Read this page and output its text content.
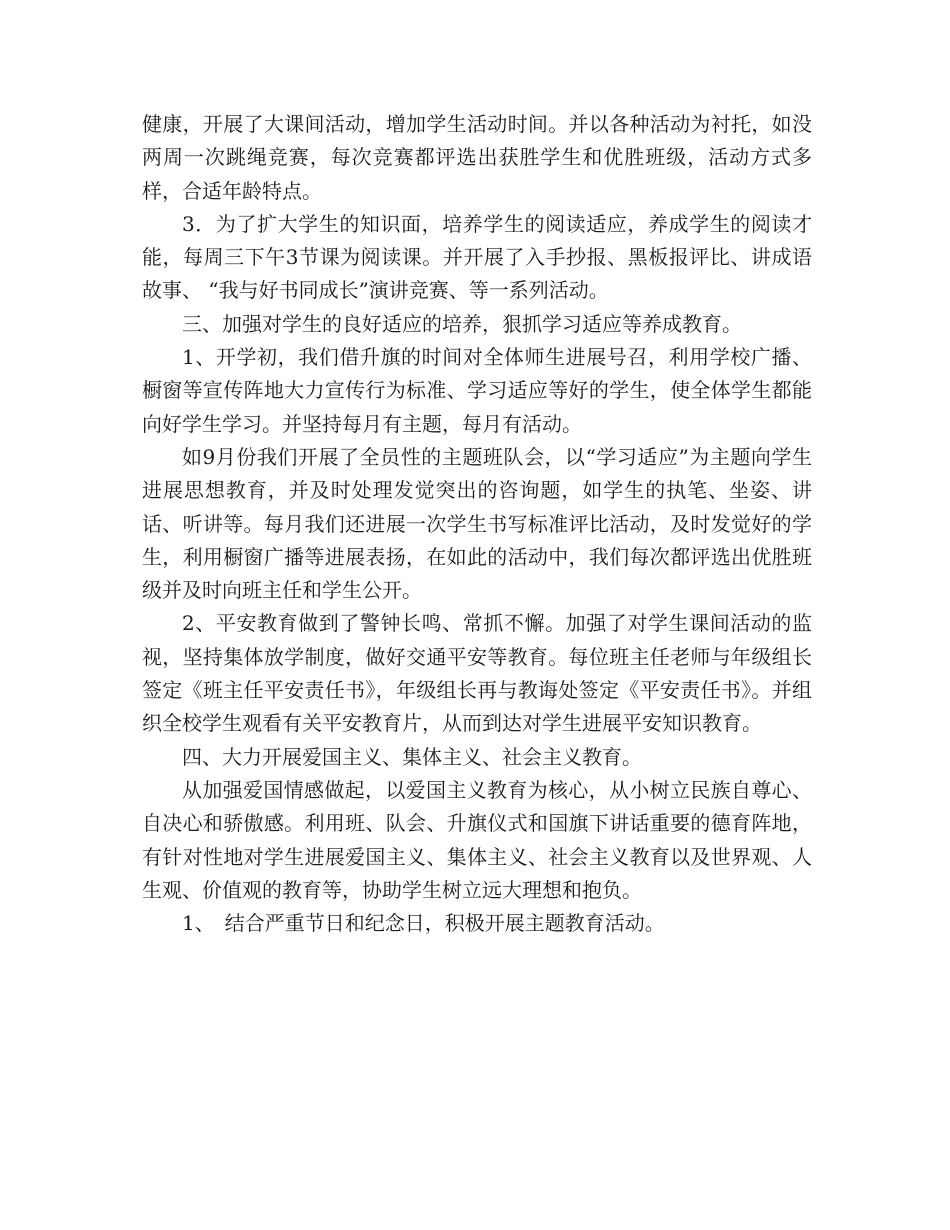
健康，开展了大课间活动，增加学生活动时间。并以各种活动为衬托，如没两周一次跳绳竞赛，每次竞赛都评选出获胜学生和优胜班级，活动方式多样，合适年龄特点。

3．为了扩大学生的知识面，培养学生的阅读适应，养成学生的阅读才能，每周三下午3节课为阅读课。并开展了入手抄报、黑板报评比、讲成语故事、 “我与好书同成长”演讲竞赛、等一系列活动。

三、加强对学生的良好适应的培养，狠抓学习适应等养成教育。

1、开学初，我们借升旗的时间对全体师生进展号召，利用学校广播、橱窗等宣传阵地大力宣传行为标准、学习适应等好的学生，使全体学生都能向好学生学习。并坚持每月有主题，每月有活动。

如9月份我们开展了全员性的主题班队会，以“学习适应”为主题向学生进展思想教育，并及时处理发觉突出的咨询题，如学生的执笔、坐姿、讲话、听讲等。每月我们还进展一次学生书写标准评比活动，及时发觉好的学生，利用橱窗广播等进展表扬，在如此的活动中，我们每次都评选出优胜班级并及时向班主任和学生公开。

2、平安教育做到了警钟长鸣、常抓不懈。加强了对学生课间活动的监视，坚持集体放学制度，做好交通平安等教育。每位班主任老师与年级组长签定《班主任平安责任书》，年级组长再与教诲处签定《平安责任书》。并组织全校学生观看有关平安教育片，从而到达对学生进展平安知识教育。

四、大力开展爱国主义、集体主义、社会主义教育。

从加强爱国情感做起，以爱国主义教育为核心，从小树立民族自尊心、自决心和骄傲感。利用班、队会、升旗仪式和国旗下讲话重要的德育阵地，有针对性地对学生进展爱国主义、集体主义、社会主义教育以及世界观、人生观、价值观的教育等，协助学生树立远大理想和抱负。

1、　结合严重节日和纪念日，积极开展主题教育活动。
